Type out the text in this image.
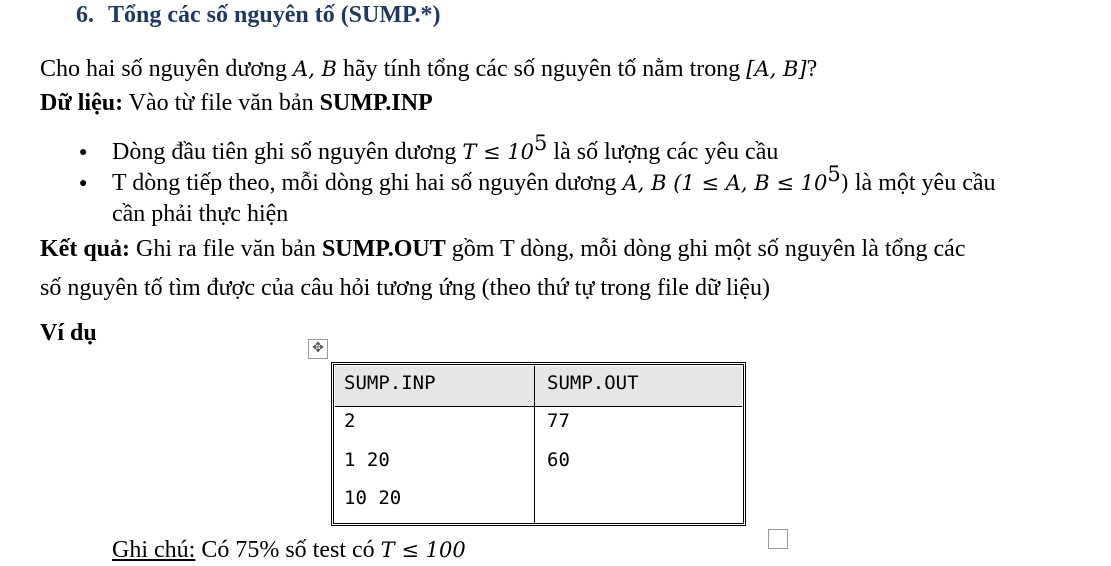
6. Tổng các số nguyên tố (SUMP.*)
Cho hai số nguyên dương A, B hãy tính tổng các số nguyên tố nằm trong [A, B]?
Dữ liệu: Vào từ file văn bản SUMP.INP
● Dòng đầu tiên ghi số nguyên dương $T \le 10^5$ là số lượng các yêu cầu
● T dòng tiếp theo, mỗi dòng ghi hai số nguyên dương A, B (1 ≤ A, $B \le 10^5$) là một yêu cầu
cần phải thực hiện
Kết quả: Ghi ra file văn bản SUMP.OUT gồm T dòng, mỗi dòng ghi một số nguyên là tổng các
số nguyên tố tìm được của câu hỏi tương ứng (theo thứ tự trong file dữ liệu)
Ví dụ
✥
SUMP.INP	SUMP.OUT
2
1 20
10 20
77
60
Ghi chú: Có 75% số test có T ≤ 100
